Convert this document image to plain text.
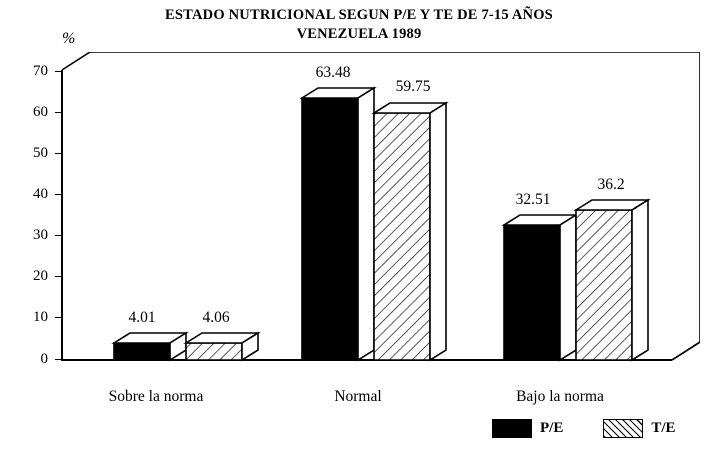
ESTADO NUTRICIONAL SEGUN P/E Y TE DE 7-15 AÑOS
VENEZUELA 1989
%
0
10
20
30
40
50
60
70
4.01	4.06
63.48
59.75
32.51
36.2
Sobre la norma	Normal	Bajo la norma
P/E	T/E
